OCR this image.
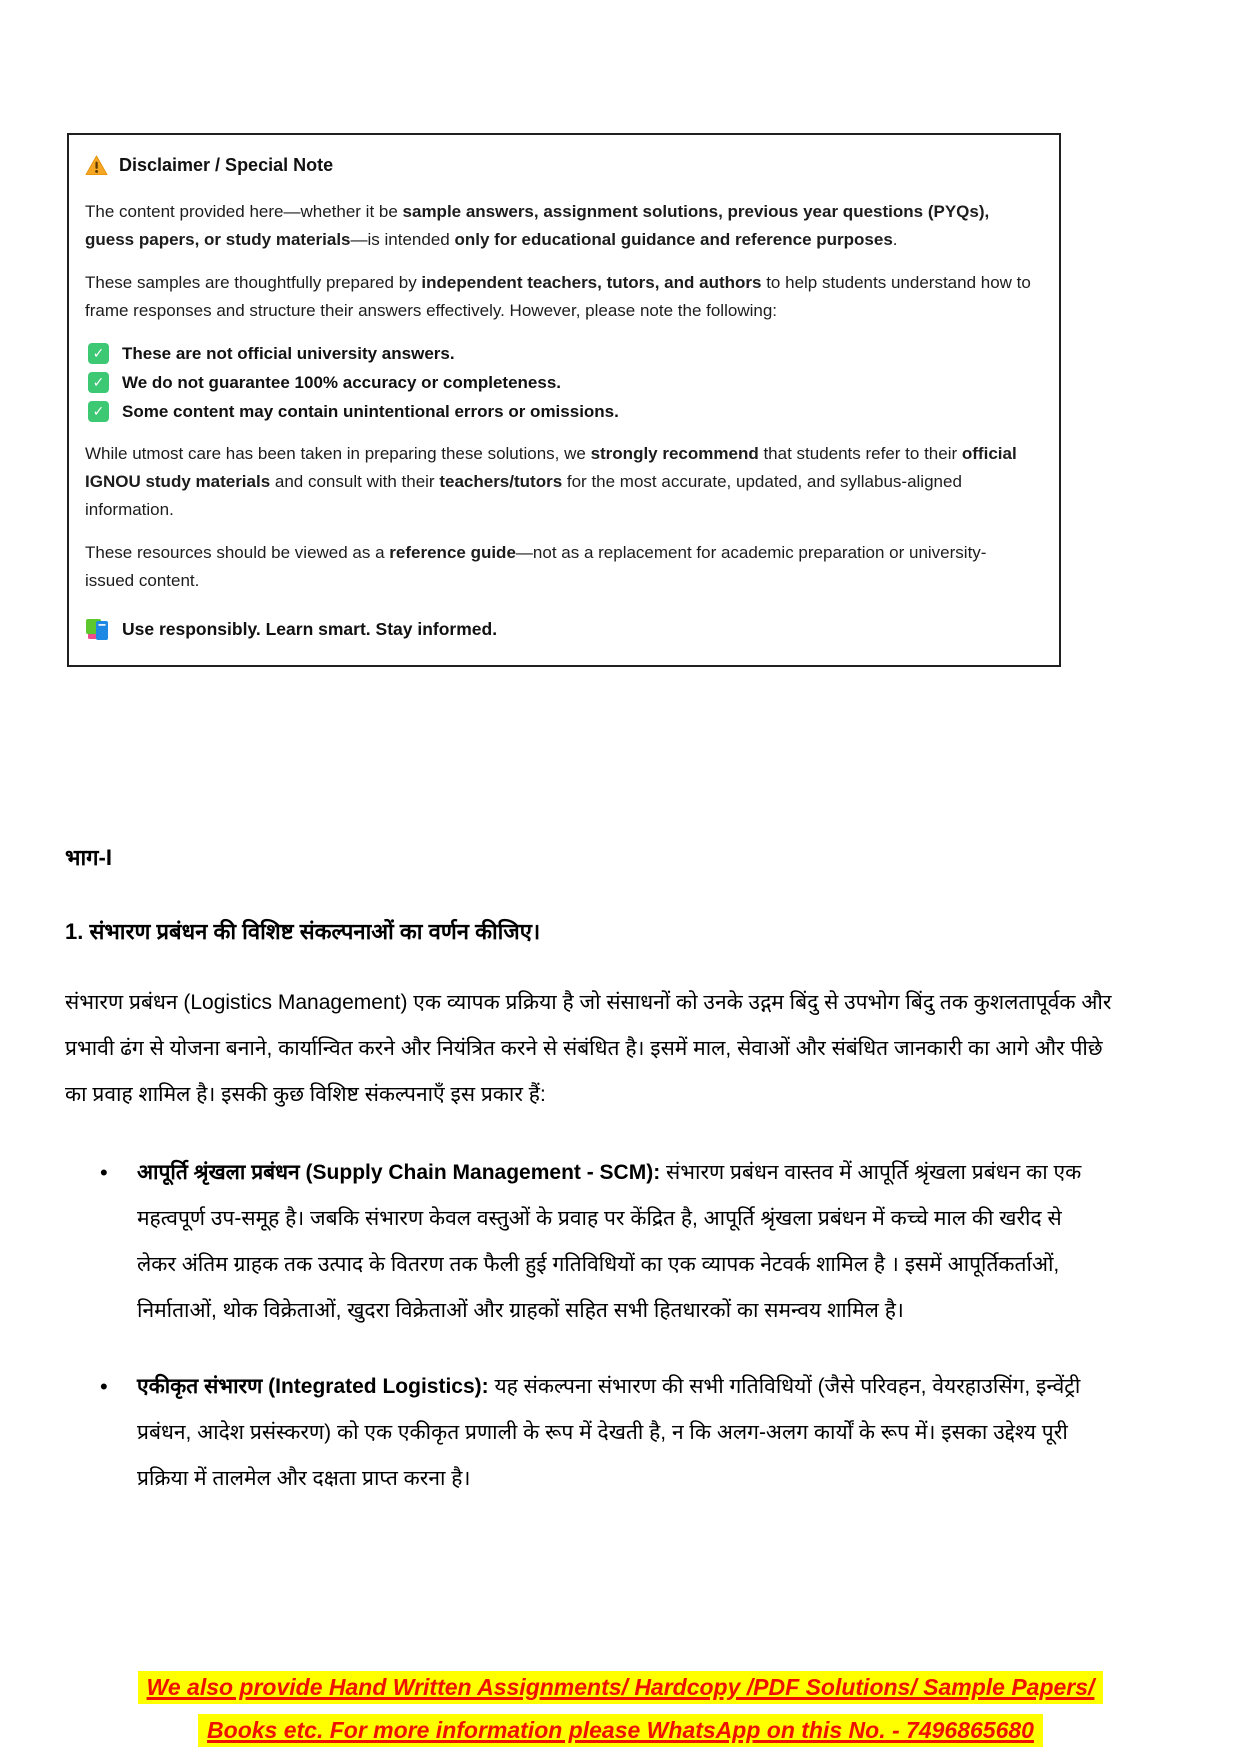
Disclaimer / Special Note

The content provided here—whether it be sample answers, assignment solutions, previous year questions (PYQs), guess papers, or study materials—is intended only for educational guidance and reference purposes.

These samples are thoughtfully prepared by independent teachers, tutors, and authors to help students understand how to frame responses and structure their answers effectively. However, please note the following:

✓ These are not official university answers.
✓ We do not guarantee 100% accuracy or completeness.
✓ Some content may contain unintentional errors or omissions.

While utmost care has been taken in preparing these solutions, we strongly recommend that students refer to their official IGNOU study materials and consult with their teachers/tutors for the most accurate, updated, and syllabus-aligned information.

These resources should be viewed as a reference guide—not as a replacement for academic preparation or university-issued content.

Use responsibly. Learn smart. Stay informed.
भाग-I
1. संभारण प्रबंधन की विशिष्ट संकल्पनाओं का वर्णन कीजिए।

संभारण प्रबंधन (Logistics Management) एक व्यापक प्रक्रिया है जो संसाधनों को उनके उद्गम बिंदु से उपभोग बिंदु तक कुशलतापूर्वक और प्रभावी ढंग से योजना बनाने, कार्यान्वित करने और नियंत्रित करने से संबंधित है। इसमें माल, सेवाओं और संबंधित जानकारी का आगे और पीछे का प्रवाह शामिल है। इसकी कुछ विशिष्ट संकल्पनाएँ इस प्रकार हैं:

• आपूर्ति श्रृंखला प्रबंधन (Supply Chain Management - SCM): संभारण प्रबंधन वास्तव में आपूर्ति श्रृंखला प्रबंधन का एक महत्वपूर्ण उप-समूह है। जबकि संभारण केवल वस्तुओं के प्रवाह पर केंद्रित है, आपूर्ति श्रृंखला प्रबंधन में कच्चे माल की खरीद से लेकर अंतिम ग्राहक तक उत्पाद के वितरण तक फैली हुई गतिविधियों का एक व्यापक नेटवर्क शामिल है । इसमें आपूर्तिकर्ताओं, निर्माताओं, थोक विक्रेताओं, खुदरा विक्रेताओं और ग्राहकों सहित सभी हितधारकों का समन्वय शामिल है।
• एकीकृत संभारण (Integrated Logistics): यह संकल्पना संभारण की सभी गतिविधियों (जैसे परिवहन, वेयरहाउसिंग, इन्वेंट्री प्रबंधन, आदेश प्रसंस्करण) को एक एकीकृत प्रणाली के रूप में देखती है, न कि अलग-अलग कार्यों के रूप में। इसका उद्देश्य पूरी प्रक्रिया में तालमेल और दक्षता प्राप्त करना है।
We also provide Hand Written Assignments/ Hardcopy /PDF Solutions/ Sample Papers/
Books etc. For more information please WhatsApp on this No. - 7496865680
